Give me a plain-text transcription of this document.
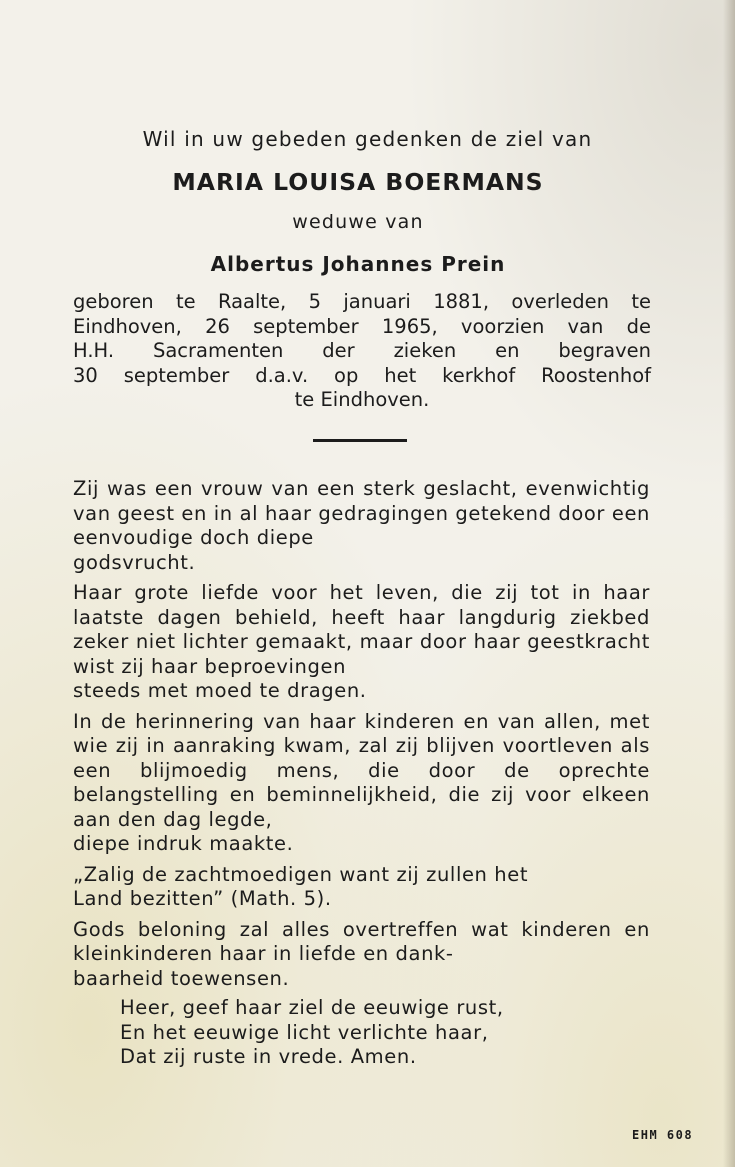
Wil in uw gebeden gedenken de ziel van
MARIA LOUISA BOERMANS
weduwe van
Albertus Johannes Prein
geboren te Raalte, 5 januari 1881, overleden te
Eindhoven, 26 september 1965, voorzien van de
H.H. Sacramenten der zieken en begraven
30 september d.a.v. op het kerkhof Roostenhof
te Eindhoven.

Zij was een vrouw van een sterk geslacht, evenwichtig van geest en in al haar gedragingen getekend door een eenvoudige doch diepe
godsvrucht.

Haar grote liefde voor het leven, die zij tot in haar laatste dagen behield, heeft haar langdurig ziekbed zeker niet lichter gemaakt, maar door haar geestkracht wist zij haar beproevingen
steeds met moed te dragen.

In de herinnering van haar kinderen en van allen, met wie zij in aanraking kwam, zal zij blijven voortleven als een blijmoedig mens, die door de oprechte belangstelling en beminnelijkheid, die zij voor elkeen aan den dag legde,
diepe indruk maakte.

„Zalig de zachtmoedigen want zij zullen het
Land bezitten” (Math. 5).

Gods beloning zal alles overtreffen wat kinderen en kleinkinderen haar in liefde en dank-
baarheid toewensen.

Heer, geef haar ziel de eeuwige rust,
En het eeuwige licht verlichte haar,
Dat zij ruste in vrede. Amen.
EHM 608
